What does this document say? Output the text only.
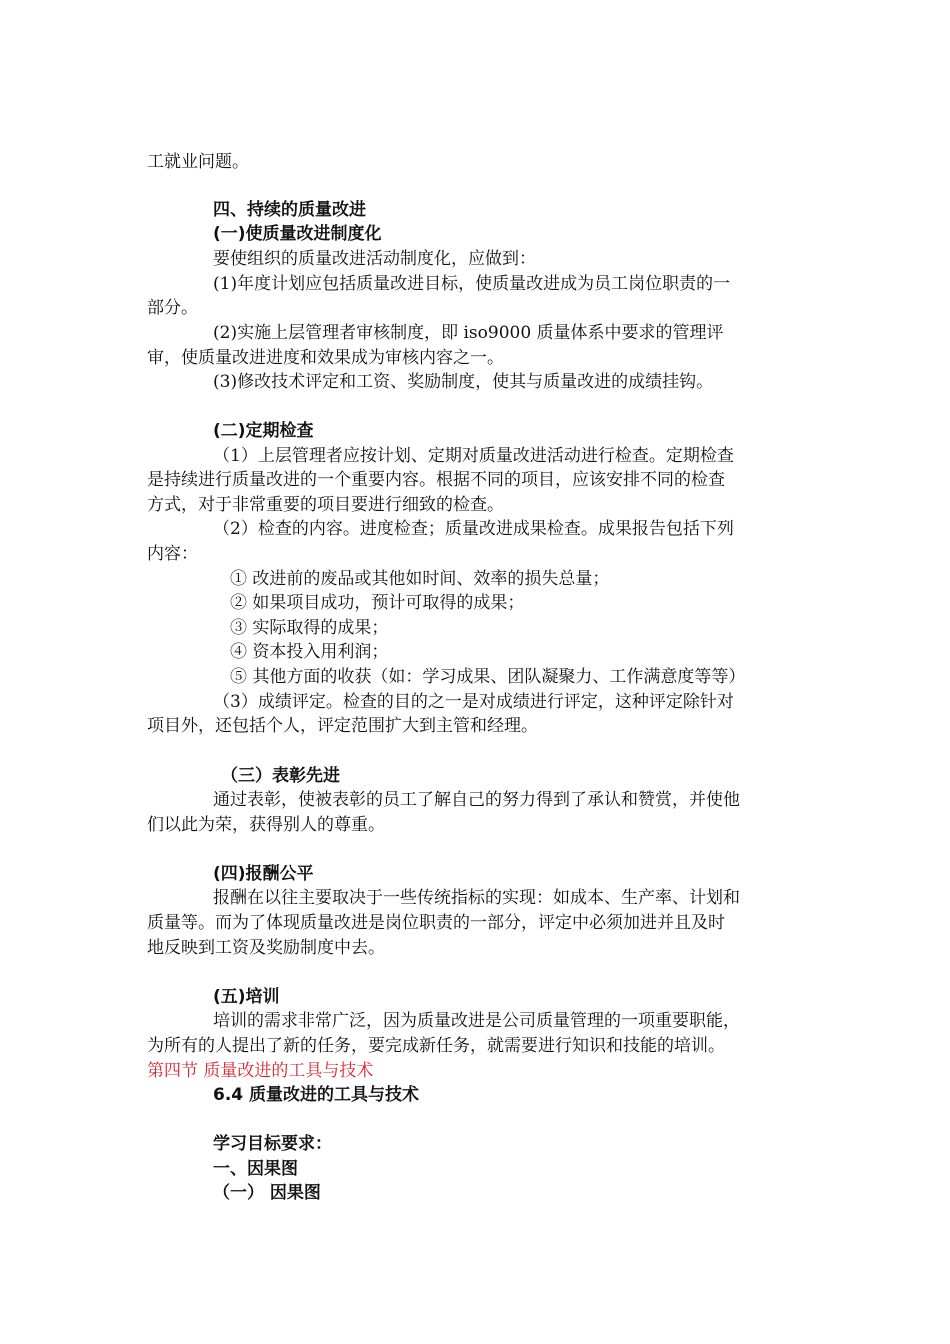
工就业问题。
四、持续的质量改进
(一)使质量改进制度化
要使组织的质量改进活动制度化，应做到：
(1)年度计划应包括质量改进目标，使质量改进成为员工岗位职责的一
部分。
(2)实施上层管理者审核制度，即 iso9000 质量体系中要求的管理评
审，使质量改进进度和效果成为审核内容之一。
(3)修改技术评定和工资、奖励制度，使其与质量改进的成绩挂钩。
(二)定期检查
（1）上层管理者应按计划、定期对质量改进活动进行检查。定期检查
是持续进行质量改进的一个重要内容。根据不同的项目，应该安排不同的检查
方式，对于非常重要的项目要进行细致的检查。
（2）检查的内容。进度检查；质量改进成果检查。成果报告包括下列
内容：
① 改进前的废品或其他如时间、效率的损失总量；
② 如果项目成功，预计可取得的成果；
③ 实际取得的成果；
④ 资本投入用利润；
⑤ 其他方面的收获（如：学习成果、团队凝聚力、工作满意度等等）
（3）成绩评定。检查的目的之一是对成绩进行评定，这种评定除针对
项目外，还包括个人，评定范围扩大到主管和经理。
（三）表彰先进
通过表彰，使被表彰的员工了解自己的努力得到了承认和赞赏，并使他
们以此为荣，获得别人的尊重。
(四)报酬公平
报酬在以往主要取决于一些传统指标的实现：如成本、生产率、计划和
质量等。而为了体现质量改进是岗位职责的一部分，评定中必须加进并且及时
地反映到工资及奖励制度中去。
(五)培训
培训的需求非常广泛，因为质量改进是公司质量管理的一项重要职能，
为所有的人提出了新的任务，要完成新任务，就需要进行知识和技能的培训。
第四节 质量改进的工具与技术
6.4 质量改进的工具与技术
学习目标要求：
一、因果图
（一） 因果图
